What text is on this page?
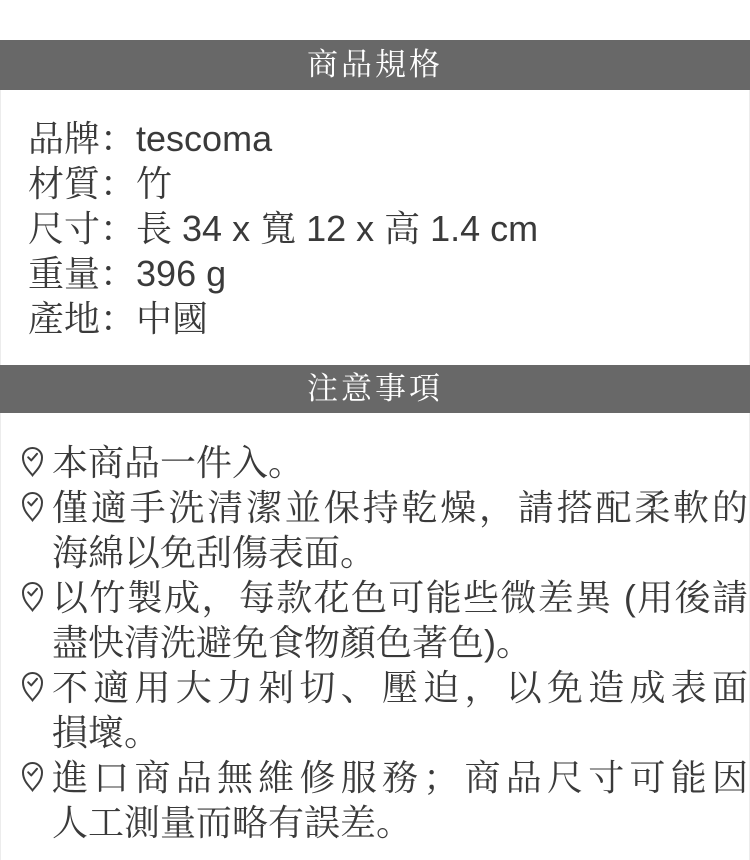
商品規格
品牌：tescoma
材質：竹
尺寸：長 34 x 寬 12 x 高 1.4 cm
重量：396 g
產地：中國
注意事項
本商品一件入。
僅適手洗清潔並保持乾燥，請搭配柔軟的
海綿以免刮傷表面。
以竹製成，每款花色可能些微差異 (用後請
盡快清洗避免食物顏色著色)。
不適用大力剁切、壓迫，以免造成表面
損壞。
進口商品無維修服務；商品尺寸可能因
人工測量而略有誤差。
